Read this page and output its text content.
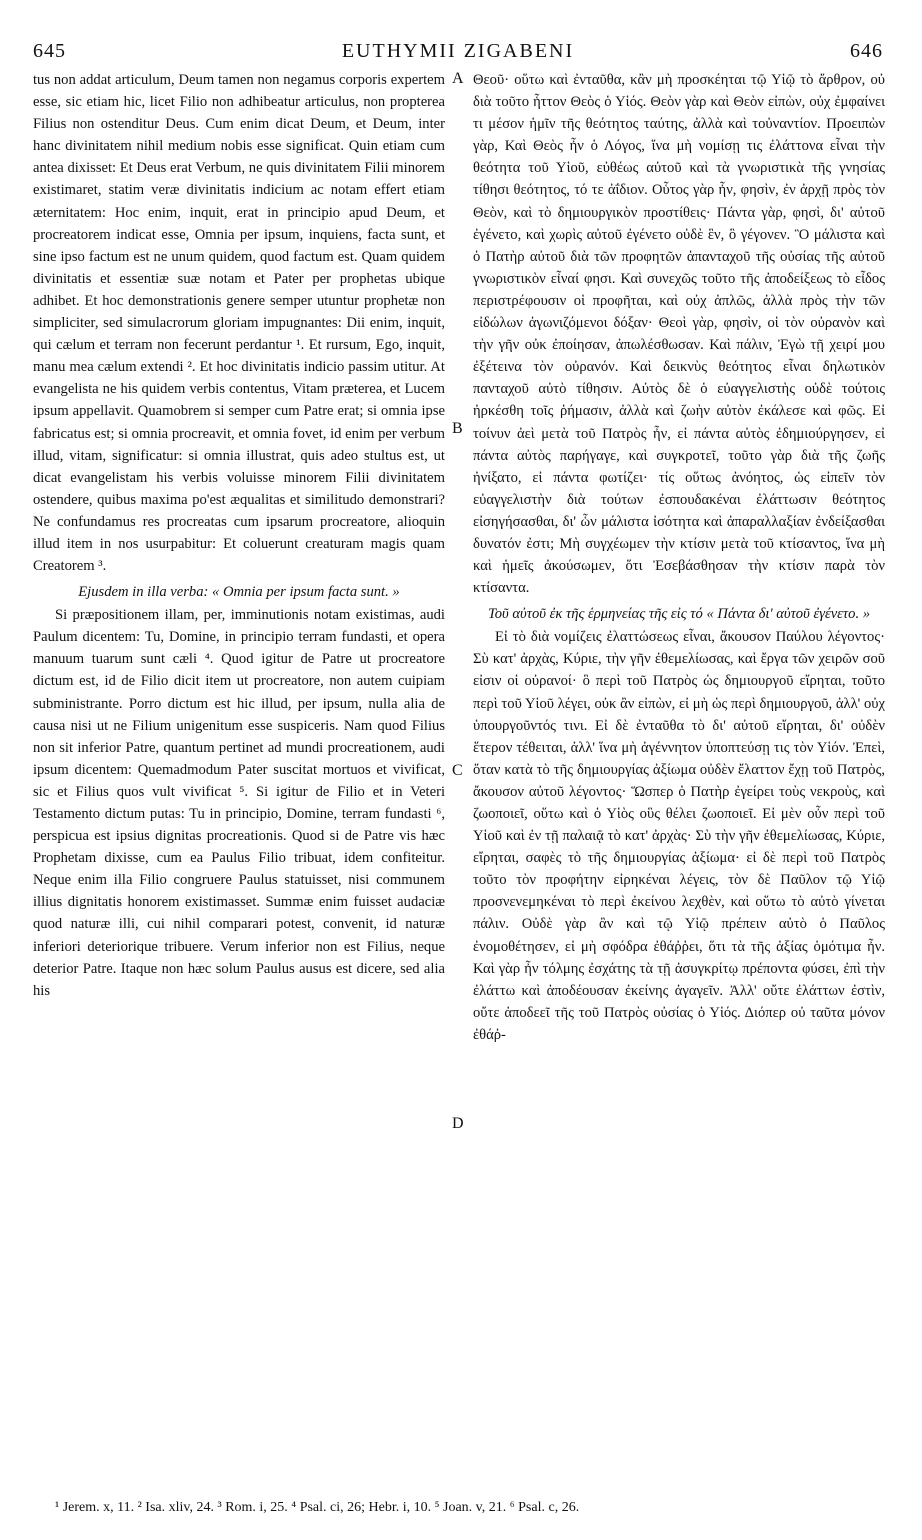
645	EUTHYMII ZIGABENI	646

tus non addat articulum, Deum tamen non negamus corporis expertem esse, sic etiam hic, licet Filio non adhibeatur articulus, non propterea Filius non ostenditur Deus. Cum enim dicat Deum, et Deum, inter hanc divinitatem nihil medium nobis esse significat. Quin etiam cum antea dixisset: Et Deus erat Verbum, ne quis divinitatem Filii minorem existimaret, statim veræ divinitatis indicium ac notam effert etiam æternitatem: Hoc enim, inquit, erat in principio apud Deum, et procreatorem indicat esse, Omnia per ipsum, inquiens, facta sunt, et sine ipso factum est ne unum quidem, quod factum est. Quam quidem divinitatis et essentiæ suæ notam et Pater per prophetas ubique adhibet. Et hoc demonstrationis genere semper utuntur prophetæ non simpliciter, sed simulacrorum gloriam impugnantes: Dii enim, inquit, qui cælum et terram non fecerunt perdantur ¹. Et rursum, Ego, inquit, manu mea cælum extendi ². Et hoc divinitatis indicio passim utitur. At evangelista ne his quidem verbis contentus, Vitam præterea, et Lucem ipsum appellavit. Quamobrem si semper cum Patre erat; si omnia ipse fabricatus est; si omnia procreavit, et omnia fovet, id enim per verbum illud, vitam, significatur: si omnia illustrat, quis adeo stultus est, ut dicat evangelistam his verbis voluisse minorem Filii divinitatem ostendere, quibus maxima po'est æqualitas et similitudo demonstrari? Ne confundamus res procreatas cum ipsarum procreatore, alioquin illud item in nos usurpabitur: Et coluerunt creaturam magis quam Creatorem ³.

Ejusdem in illa verba: « Omnia per ipsum facta sunt. »

Si præpositionem illam, per, imminutionis notam existimas, audi Paulum dicentem: Tu, Domine, in principio terram fundasti, et opera manuum tuarum sunt cæli ⁴. Quod igitur de Patre ut procreatore dictum est, id de Filio dicit item ut procreatore, non autem cuipiam subministrante. Porro dictum est hic illud, per ipsum, nulla alia de causa nisi ut ne Filium unigenitum esse suspiceris. Nam quod Filius non sit inferior Patre, quantum pertinet ad mundi procreationem, audi ipsum dicentem: Quemadmodum Pater suscitat mortuos et vivificat, sic et Filius quos vult vivificat ⁵. Si igitur de Filio et in Veteri Testamento dictum putas: Tu in principio, Domine, terram fundasti ⁶, perspicua est ipsius dignitas procreationis. Quod si de Patre vis hæc Prophetam dixisse, cum ea Paulus Filio tribuat, idem confiteitur. Neque enim illa Filio congruere Paulus statuisset, nisi communem illius dignitatis honorem existimasset. Summæ enim fuisset audaciæ quod naturæ illi, cui nihil comparari potest, convenit, id naturæ inferiori deteriorique tribuere. Verum inferior non est Filius, neque deterior Patre. Itaque non hæc solum Paulus ausus est dicere, sed alia his

A
B
C
D

Θεοῦ· οὕτω καὶ ἐνταῦθα, κἂν μὴ προσκέηται τῷ Υἱῷ τὸ ἄρθρον, οὐ διὰ τοῦτο ἧττον Θεὸς ὁ Υἱός. Θεὸν γὰρ καὶ Θεὸν εἰπὼν, οὐχ ἐμφαίνει τι μέσον ἡμῖν τῆς θεότητος ταύτης, ἀλλὰ καὶ τοὐναντίον. Προειπὼν γὰρ, Καὶ Θεὸς ἦν ὁ Λόγος, ἵνα μὴ νομίσῃ τις ἐλάττονα εἶναι τὴν θεότητα τοῦ Υἱοῦ, εὐθέως αὐτοῦ καὶ τὰ γνωριστικὰ τῆς γνησίας τίθησι θεότητος, τό τε ἀΐδιον. Οὗτος γὰρ ἦν, φησὶν, ἐν ἀρχῇ πρὸς τὸν Θεὸν, καὶ τὸ δημιουργικὸν προστίθεις· Πάντα γὰρ, φησὶ, δι' αὐτοῦ ἐγένετο, καὶ χωρὶς αὐτοῦ ἐγένετο οὐδὲ ἓν, ὃ γέγονεν. Ὃ μάλιστα καὶ ὁ Πατὴρ αὐτοῦ διὰ τῶν προφητῶν ἁπανταχοῦ τῆς οὐσίας τῆς αὐτοῦ γνωριστικὸν εἶναί φησι. Καὶ συνεχῶς τοῦτο τῆς ἀποδείξεως τὸ εἶδος περιστρέφουσιν οἱ προφῆται, καὶ οὐχ ἁπλῶς, ἀλλὰ πρὸς τὴν τῶν εἰδώλων ἀγωνιζόμενοι δόξαν· Θεοὶ γὰρ, φησὶν, οἱ τὸν οὐρανὸν καὶ τὴν γῆν οὐκ ἐποίησαν, ἀπωλέσθωσαν. Καὶ πάλιν, Ἐγὼ τῇ χειρί μου ἐξέτεινα τὸν οὐρανόν. Καὶ δεικνὺς θεότητος εἶναι δηλωτικὸν πανταχοῦ αὐτὸ τίθησιν. Αὐτὸς δὲ ὁ εὐαγγελιστὴς οὐδὲ τούτοις ἠρκέσθη τοῖς ῥήμασιν, ἀλλὰ καὶ ζωὴν αὐτὸν ἐκάλεσε καὶ φῶς. Εἰ τοίνυν ἀεὶ μετὰ τοῦ Πατρὸς ἦν, εἰ πάντα αὐτὸς ἐδημιούργησεν, εἰ πάντα αὐτὸς παρήγαγε, καὶ συγκροτεῖ, τοῦτο γὰρ διὰ τῆς ζωῆς ἠνίξατο, εἰ πάντα φωτίζει· τίς οὕτως ἀνόητος, ὡς εἰπεῖν τὸν εὐαγγελιστὴν διὰ τούτων ἐσπουδακέναι ἐλάττωσιν θεότητος εἰσηγήσασθαι, δι' ὧν μάλιστα ἰσότητα καὶ ἀπαραλλαξίαν ἐνδείξασθαι δυνατόν ἐστι; Μὴ συγχέωμεν τὴν κτίσιν μετὰ τοῦ κτίσαντος, ἵνα μὴ καὶ ἡμεῖς ἀκούσωμεν, ὅτι Ἐσεβάσθησαν τὴν κτίσιν παρὰ τὸν κτίσαντα.

Τοῦ αὐτοῦ ἐκ τῆς ἑρμηνείας τῆς εἰς τό « Πάντα δι' αὐτοῦ ἐγένετο. »

Εἰ τὸ διὰ νομίζεις ἐλαττώσεως εἶναι, ἄκουσον Παύλου λέγοντος· Σὺ κατ' ἀρχὰς, Κύριε, τὴν γῆν ἐθεμελίωσας, καὶ ἔργα τῶν χειρῶν σοῦ εἰσιν οἱ οὐρανοί· ὃ περὶ τοῦ Πατρὸς ὡς δημιουργοῦ εἴρηται, τοῦτο περὶ τοῦ Υἱοῦ λέγει, οὐκ ἂν εἰπὼν, εἰ μὴ ὡς περὶ δημιουργοῦ, ἀλλ' οὐχ ὑπουργοῦντός τινι. Εἰ δὲ ἐνταῦθα τὸ δι' αὐτοῦ εἴρηται, δι' οὐδὲν ἕτερον τέθειται, ἀλλ' ἵνα μὴ ἀγέννητον ὑποπτεύσῃ τις τὸν Υἱόν. Ἐπεὶ, ὅταν κατὰ τὸ τῆς δημιουργίας ἀξίωμα οὐδὲν ἔλαττον ἔχῃ τοῦ Πατρὸς, ἄκουσον αὐτοῦ λέγοντος· Ὥσπερ ὁ Πατὴρ ἐγείρει τοὺς νεκροὺς, καὶ ζωοποιεῖ, οὕτω καὶ ὁ Υἱὸς οὓς θέλει ζωοποιεῖ. Εἰ μὲν οὖν περὶ τοῦ Υἱοῦ καὶ ἐν τῇ παλαιᾷ τὸ κατ' ἀρχὰς· Σὺ τὴν γῆν ἐθεμελίωσας, Κύριε, εἴρηται, σαφὲς τὸ τῆς δημιουργίας ἀξίωμα· εἰ δὲ περὶ τοῦ Πατρὸς τοῦτο τὸν προφήτην εἰρηκέναι λέγεις, τὸν δὲ Παῦλον τῷ Υἱῷ προσνενεμηκέναι τὸ περὶ ἐκείνου λεχθὲν, καὶ οὕτω τὸ αὐτὸ γίνεται πάλιν. Οὐδὲ γὰρ ἂν καὶ τῷ Υἱῷ πρέπειν αὐτὸ ὁ Παῦλος ἐνομοθέτησεν, εἰ μὴ σφόδρα ἐθάῤῥει, ὅτι τὰ τῆς ἀξίας ὁμότιμα ἦν. Καὶ γὰρ ἦν τόλμης ἐσχάτης τὰ τῇ ἀσυγκρίτῳ πρέποντα φύσει, ἐπὶ τὴν ἐλάττω καὶ ἀποδέουσαν ἐκείνης ἀγαγεῖν. Ἀλλ' οὔτε ἐλάττων ἐστὶν, οὔτε ἀποδεεῖ τῆς τοῦ Πατρὸς οὐσίας ὁ Υἱός. Διόπερ οὐ ταῦτα μόνον ἐθάῤ-

¹ Jerem. x, 11. ² Isa. xliv, 24. ³ Rom. i, 25. ⁴ Psal. ci, 26; Hebr. i, 10. ⁵ Joan. v, 21. ⁶ Psal. c, 26.
